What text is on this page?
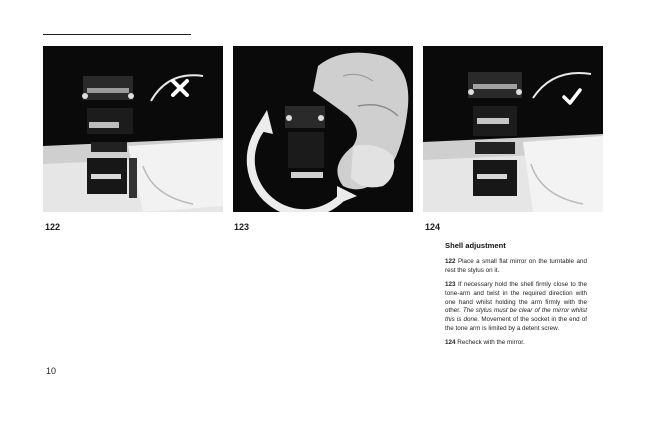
122	123	124
10
Shell adjustment

122 Place a small flat mirror on the turntable and rest the stylus on it.

123 If necessary hold the shell firmly close to the tone-arm and twist in the required direction with one hand whilst holding the arm firmly with the other. The stylus must be clear of the mirror whilst this is done. Movement of the socket in the end of the tone arm is limited by a detent screw.

124 Recheck with the mirror.
